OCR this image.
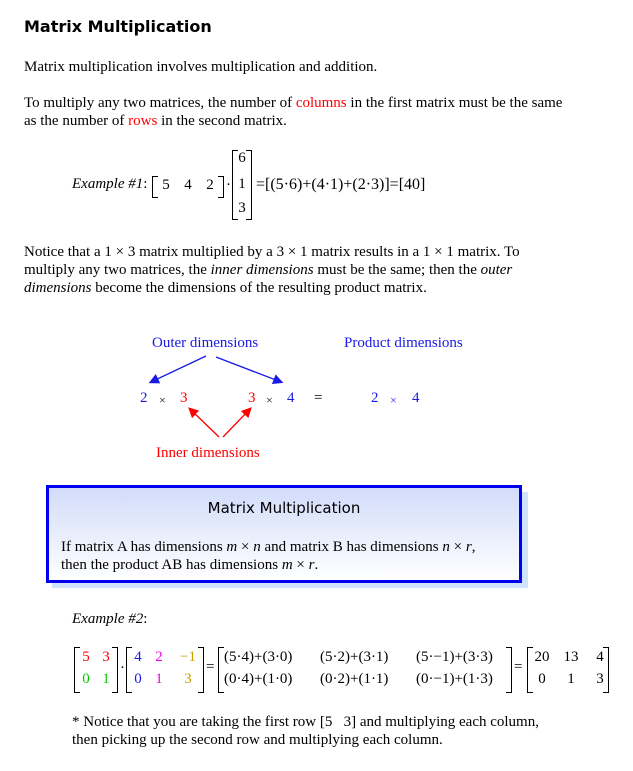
Matrix Multiplication

Matrix multiplication involves multiplication and addition.

To multiply any two matrices, the number of columns in the first matrix must be the same
as the number of rows in the second matrix.

Example #1: 5 4 2 ·
6
1
3
=[(5·6)+(4·1)+(2·3)]=[40]

Notice that a 1 × 3 matrix multiplied by a 3 × 1 matrix results in a 1 × 1 matrix. To
multiply any two matrices, the inner dimensions must be the same; then the outer
dimensions become the dimensions of the resulting product matrix.

Outer dimensions	Product dimensions
2 × 3	3 × 4 =	2 × 4
Inner dimensions
Matrix Multiplication
If matrix A has dimensions m × n and matrix B has dimensions n × r,
then the product AB has dimensions m × r.
Example #2:
5 3
0 1
·
4 2 −1
0 1 3
=
(5·4)+(3·0) (5·2)+(3·1) (5·−1)+(3·3)
(0·4)+(1·0) (0·2)+(1·1) (0·−1)+(1·3)
=
20 13 4
0	1	3

* Notice that you are taking the first row [5   3] and multiplying each column,
then picking up the second row and multiplying each column.
